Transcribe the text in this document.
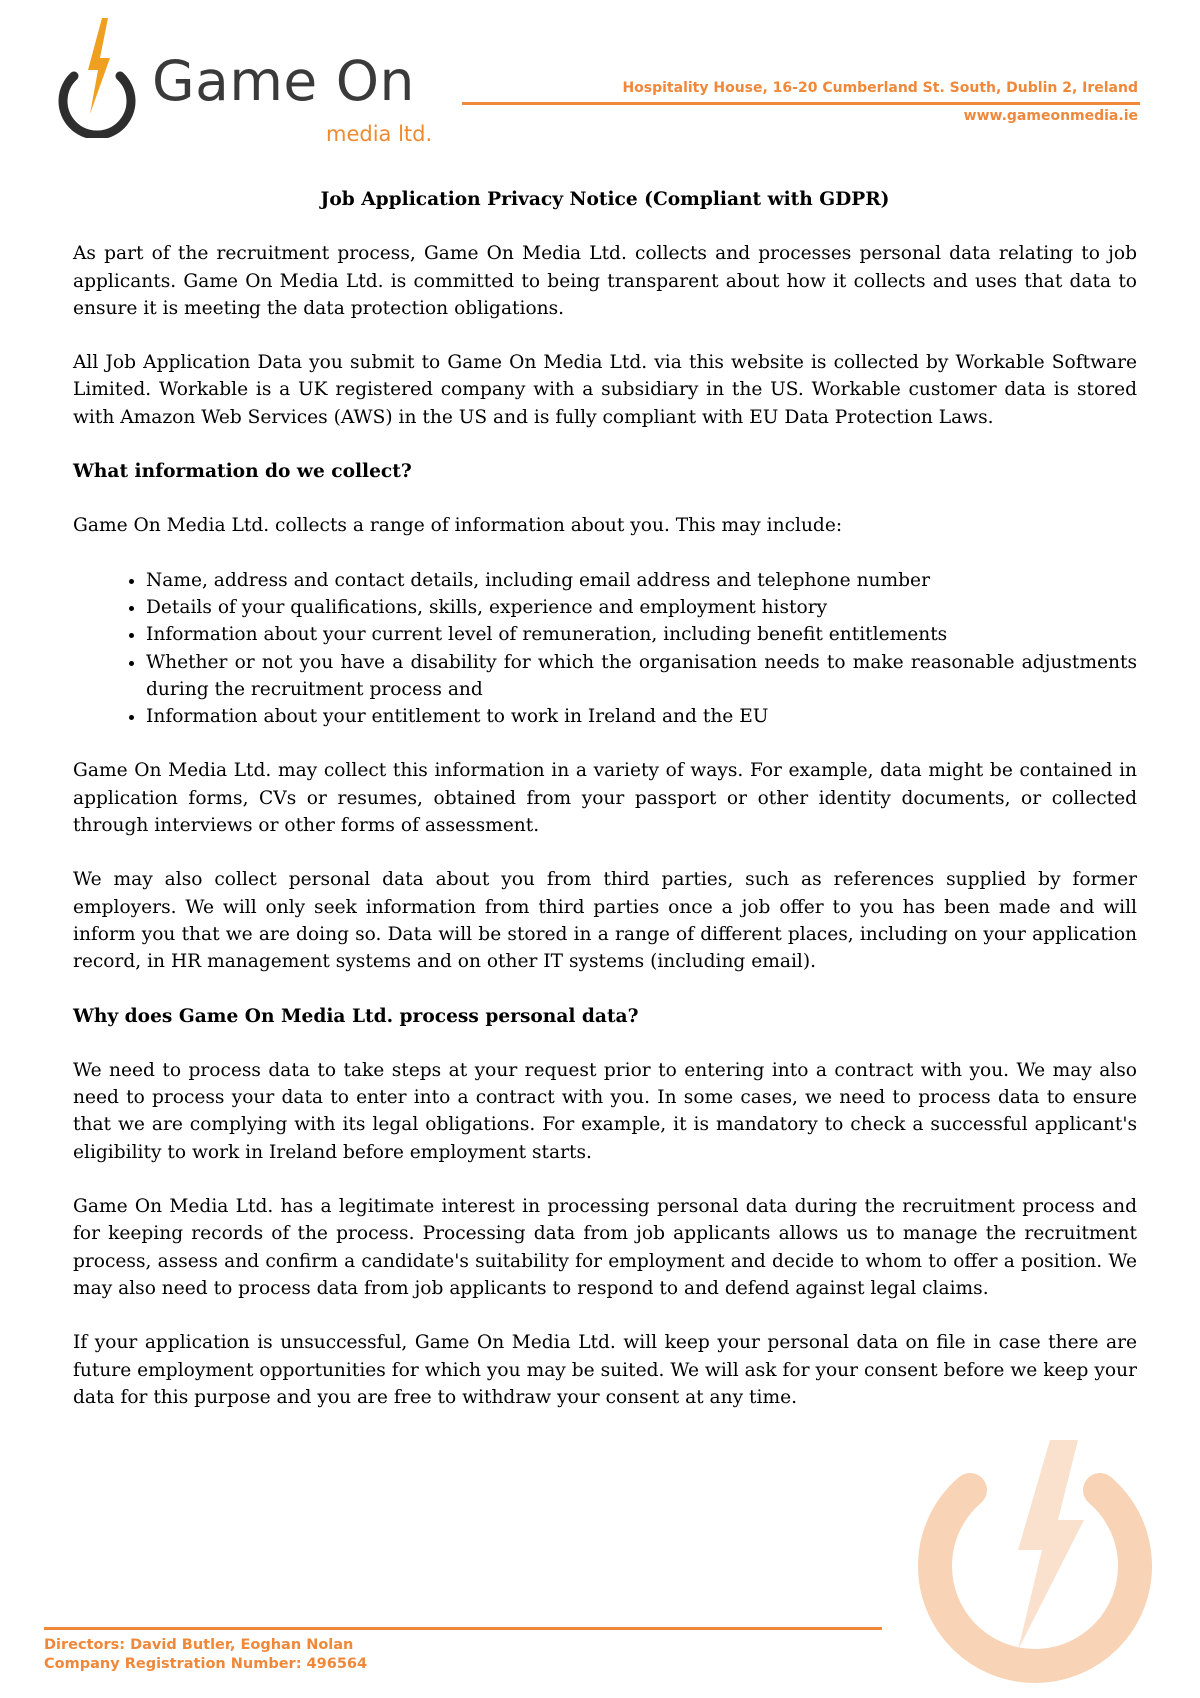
Game On
media ltd.
Hospitality House, 16-20 Cumberland St. South, Dublin 2, Ireland
www.gameonmedia.ie
Job Application Privacy Notice (Compliant with GDPR)

As part of the recruitment process, Game On Media Ltd. collects and processes personal data relating to job applicants. Game On Media Ltd. is committed to being transparent about how it collects and uses that data to ensure it is meeting the data protection obligations.

All Job Application Data you submit to Game On Media Ltd. via this website is collected by Workable Software Limited. Workable is a UK registered company with a subsidiary in the US. Workable customer data is stored with Amazon Web Services (AWS) in the US and is fully compliant with EU Data Protection Laws.

What information do we collect?

Game On Media Ltd. collects a range of information about you. This may include:

• Name, address and contact details, including email address and telephone number
• Details of your qualifications, skills, experience and employment history
• Information about your current level of remuneration, including benefit entitlements
• Whether or not you have a disability for which the organisation needs to make reasonable adjustments during the recruitment process and
• Information about your entitlement to work in Ireland and the EU

Game On Media Ltd. may collect this information in a variety of ways. For example, data might be contained in application forms, CVs or resumes, obtained from your passport or other identity documents, or collected through interviews or other forms of assessment.

We may also collect personal data about you from third parties, such as references supplied by former employers. We will only seek information from third parties once a job offer to you has been made and will inform you that we are doing so. Data will be stored in a range of different places, including on your application record, in HR management systems and on other IT systems (including email).

Why does Game On Media Ltd. process personal data?

We need to process data to take steps at your request prior to entering into a contract with you. We may also need to process your data to enter into a contract with you. In some cases, we need to process data to ensure that we are complying with its legal obligations. For example, it is mandatory to check a successful applicant's eligibility to work in Ireland before employment starts.

Game On Media Ltd. has a legitimate interest in processing personal data during the recruitment process and for keeping records of the process. Processing data from job applicants allows us to manage the recruitment process, assess and confirm a candidate's suitability for employment and decide to whom to offer a position. We may also need to process data from job applicants to respond to and defend against legal claims.

If your application is unsuccessful, Game On Media Ltd. will keep your personal data on file in case there are future employment opportunities for which you may be suited. We will ask for your consent before we keep your data for this purpose and you are free to withdraw your consent at any time.

Directors: David Butler, Eoghan Nolan
Company Registration Number: 496564
